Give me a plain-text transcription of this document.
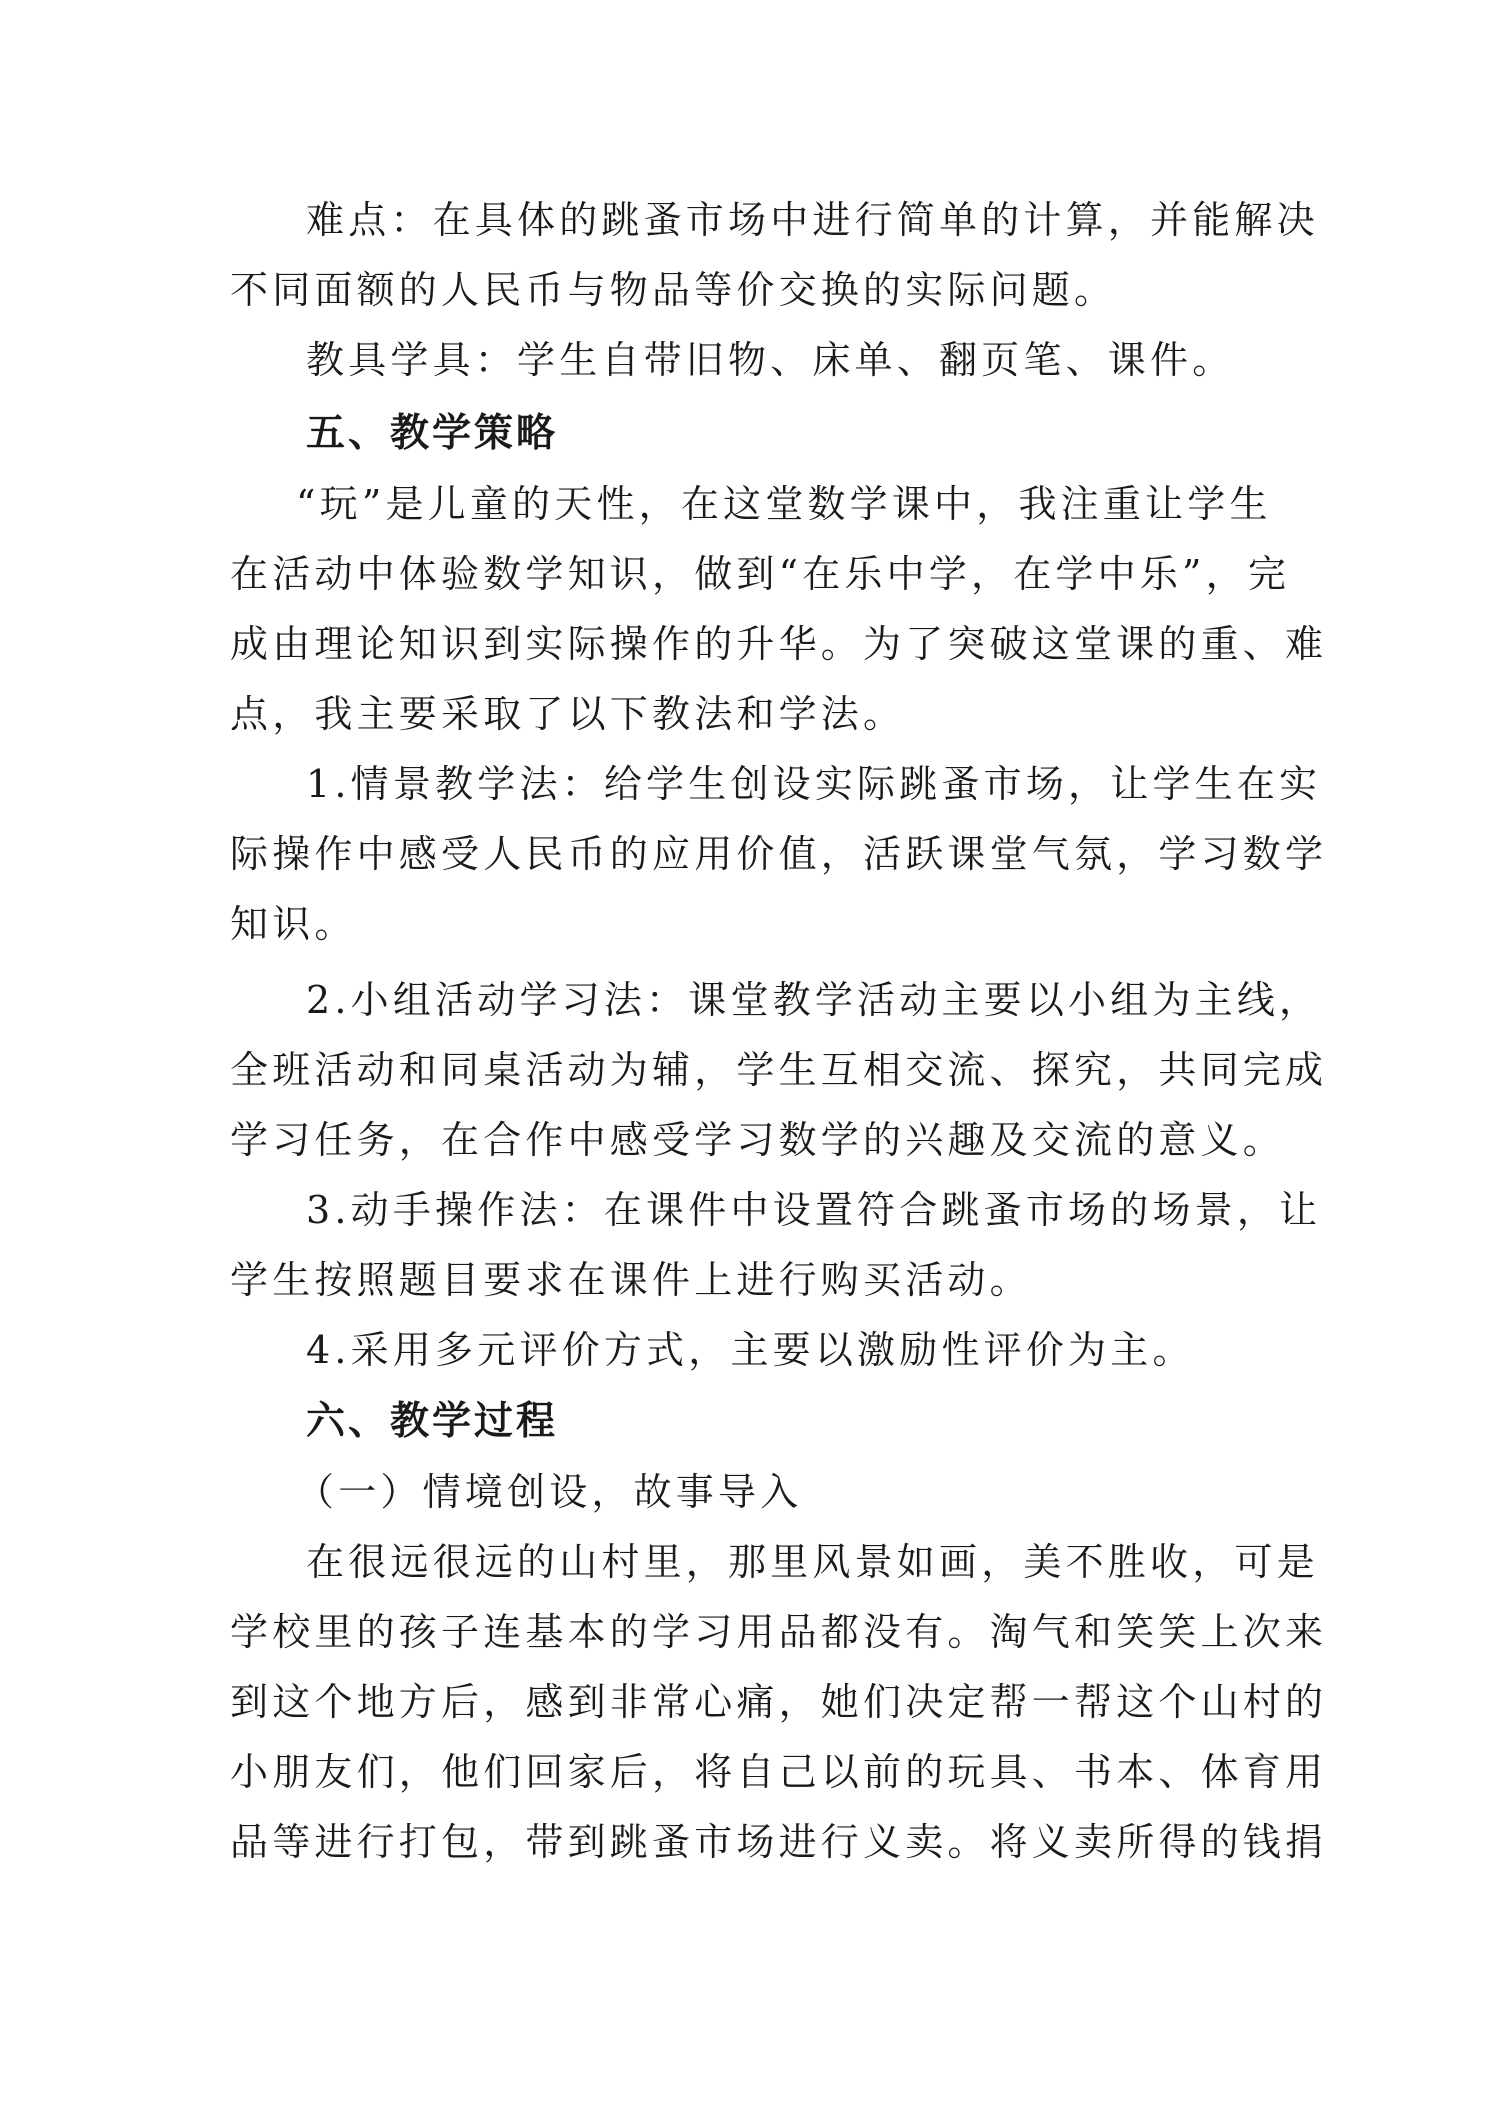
难点：在具体的跳蚤市场中进行简单的计算，并能解决
不同面额的人民币与物品等价交换的实际问题。
教具学具：学生自带旧物、床单、翻页笔、课件。
五、教学策略
“玩”是儿童的天性，在这堂数学课中，我注重让学生
在活动中体验数学知识，做到“在乐中学，在学中乐”，完
成由理论知识到实际操作的升华。为了突破这堂课的重、难
点，我主要采取了以下教法和学法。
1.情景教学法：给学生创设实际跳蚤市场，让学生在实
际操作中感受人民币的应用价值，活跃课堂气氛，学习数学
知识。
2.小组活动学习法：课堂教学活动主要以小组为主线，
全班活动和同桌活动为辅，学生互相交流、探究，共同完成
学习任务，在合作中感受学习数学的兴趣及交流的意义。
3.动手操作法：在课件中设置符合跳蚤市场的场景，让
学生按照题目要求在课件上进行购买活动。
4.采用多元评价方式，主要以激励性评价为主。
六、教学过程
（一）情境创设，故事导入
在很远很远的山村里，那里风景如画，美不胜收，可是
学校里的孩子连基本的学习用品都没有。淘气和笑笑上次来
到这个地方后，感到非常心痛，她们决定帮一帮这个山村的
小朋友们，他们回家后，将自己以前的玩具、书本、体育用
品等进行打包，带到跳蚤市场进行义卖。将义卖所得的钱捐
